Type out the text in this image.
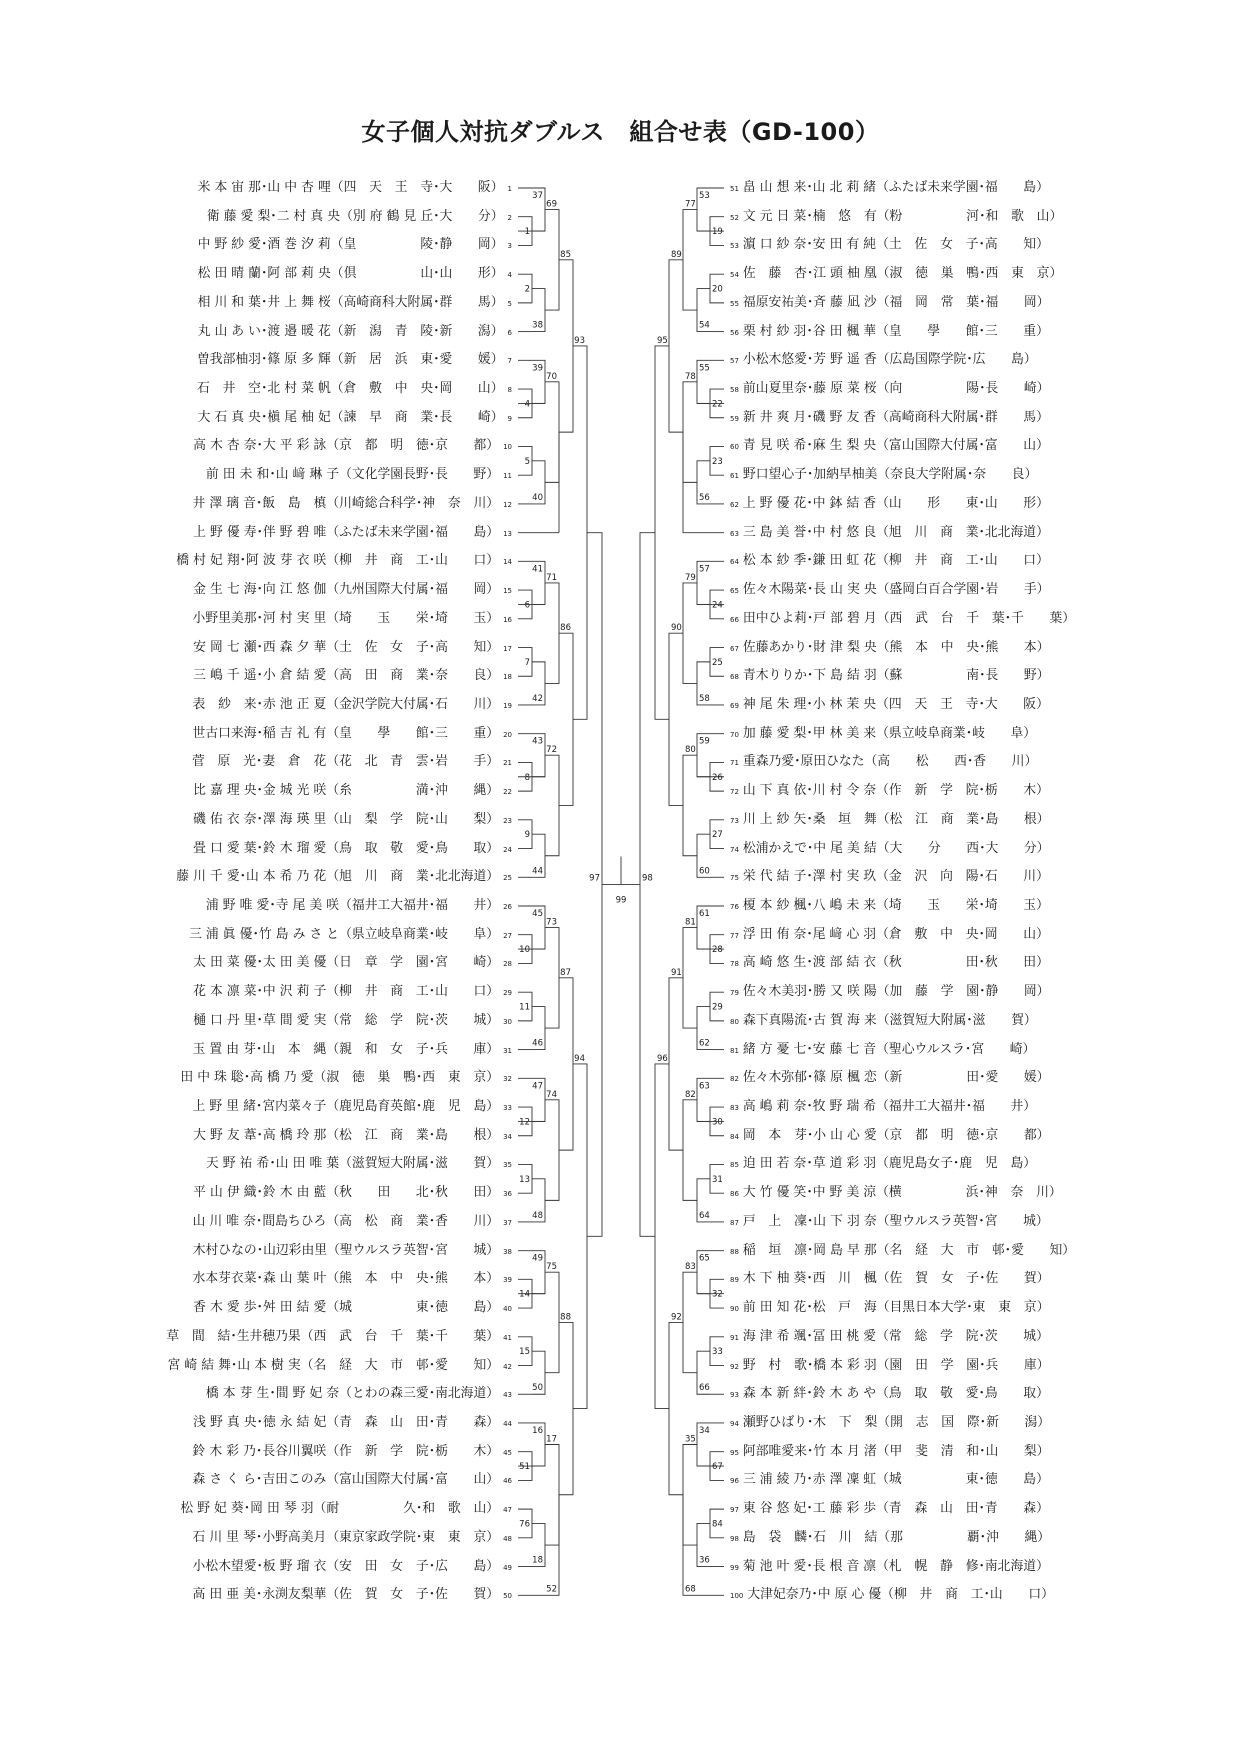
女子個人対抗ダブルス　組合せ表（GD-100）
米 本 宙 那･山 中 杏 哩（四　天　王　寺･大　　阪） 1
衛 藤 愛 梨･二 村 真 央（別 府 鶴 見 丘･大　　分） 2
中 野 紗 愛･酒 巻 汐 莉（皇　　　　　陵･静　　岡） 3
松 田 晴 蘭･阿 部 莉 央（倶　　　　　山･山　　形） 4
相 川 和 葉･井 上 舞 桜（高崎商科大附属･群　　馬） 5
丸 山 あ い･渡 邉 暖 花（新　潟　青　陵･新　　潟） 6
曽我部柚羽･篠 原 多 輝（新　居　浜　東･愛　　媛） 7
石　井　空･北 村 菜 帆（倉　敷　中　央･岡　　山） 8
大 石 真 央･槇 尾 柚 妃（諫　早　商　業･長　　崎） 9
高 木 杏 奈･大 平 彩 詠（京　都　明　徳･京　　都） 10
前 田 未 和･山 﨑 琳 子（文化学園長野･長　　野） 11
井 澤 璃 音･飯　島　槙（川崎総合科学･神　奈　川） 12
上 野 優 寿･伴 野 碧 唯（ふたば未来学園･福　　島） 13
橋 村 妃 翔･阿 波 芽 衣 咲（柳　井　商　工･山　　口） 14
金 生 七 海･向 江 悠 伽（九州国際大付属･福　　岡） 15
小野里美那･河 村 実 里（埼　　玉　　栄･埼　　玉） 16
安 岡 七 瀬･西 森 夕 華（土　佐　女　子･高　　知） 17
三 嶋 千 遥･小 倉 結 愛（高　田　商　業･奈　　良） 18
表　紗　来･赤 池 正 夏（金沢学院大付属･石　　川） 19
世古口来海･稲 吉 礼 有（皇　　學　　館･三　　重） 20
菅　原　光･妻　倉　花（花　北　青　雲･岩　　手） 21
比 嘉 理 央･金 城 光 咲（糸　　　　　満･沖　　縄） 22
磯 佑 衣 奈･澤 海 瑛 里（山　梨　学　院･山　　梨） 23
畳 口 愛 葉･鈴 木 瑠 愛（鳥　取　敬　愛･鳥　　取） 24
藤 川 千 愛･山 本 希 乃 花（旭　川　商　業･北北海道） 25
浦 野 唯 愛･寺 尾 美 咲（福井工大福井･福　　井） 26
三 浦 眞 優･竹 島 み さ と（県立岐阜商業･岐　　阜） 27
太 田 菜 優･太 田 美 優（日　章　学　園･宮　　崎） 28
花 本 凛 菜･中 沢 莉 子（柳　井　商　工･山　　口） 29
樋 口 丹 里･草 間 愛 実（常　総　学　院･茨　　城） 30
玉 置 由 芽･山　本　縄（親　和　女　子･兵　　庫） 31
田 中 珠 聡･高 橋 乃 愛（淑　徳　巣　鴨･西　東　京） 32
上 野 里 緒･宮内菜々子（鹿児島育英館･鹿　児　島） 33
大 野 友 葦･高 橋 玲 那（松　江　商　業･島　　根） 34
天 野 祐 希･山 田 唯 葉（滋賀短大附属･滋　　賀） 35
平 山 伊 織･鈴 木 由 藍（秋　　田　　北･秋　　田） 36
山 川 唯 奈･間島ちひろ（高　松　商　業･香　　川） 37
木村ひなの･山辺彩由里（聖ウルスラ英智･宮　　城） 38
水本芽衣菜･森 山 葉 叶（熊　本　中　央･熊　　本） 39
香 木 愛 歩･舛 田 結 愛（城　　　　　東･徳　　島） 40
草　間　結･生井穂乃果（西　武　台　千　葉･千　　葉） 41
宮 崎 結 舞･山 本 樹 実（名　経　大　市　邨･愛　　知） 42
橋 本 芽 生･間 野 妃 奈（とわの森三愛･南北海道） 43
浅 野 真 央･徳 永 結 妃（青　森　山　田･青　　森） 44
鈴 木 彩 乃･長谷川翼咲（作　新　学　院･栃　　木） 45
森 さ く ら･吉田このみ（富山国際大付属･富　　山） 46
松 野 妃 葵･岡 田 琴 羽（耐　　　　　久･和　歌　山） 47
石 川 里 琴･小野高美月（東京家政学院･東　東　京） 48
小松木望愛･板 野 瑠 衣（安　田　女　子･広　　島） 49
高 田 亜 美･永渕友梨華（佐　賀　女　子･佐　　賀） 50
51 畠 山 想 来･山 北 莉 緒（ふたば未来学園･福　　島）
52 文 元 日 菜･楠　悠　有（粉　　　　　河･和　歌　山）
53 濵 口 紗 奈･安 田 有 純（土　佐　女　子･高　　知）
54 佐　藤　杏･江 頭 柚 凰（淑　徳　巣　鴨･西　東　京）
55 福原安祐美･斉 藤 凪 沙（福　岡　常　葉･福　　岡）
56 栗 村 紗 羽･谷 田 楓 華（皇　　學　　館･三　　重）
57 小松木悠愛･芳 野 遥 香（広島国際学院･広　　島）
58 前山夏里奈･藤 原 菜 桜（向　　　　　陽･長　　崎）
59 新 井 爽 月･磯 野 友 香（高崎商科大附属･群　　馬）
60 青 見 咲 希･麻 生 梨 央（富山国際大付属･富　　山）
61 野口望心子･加納早柚美（奈良大学附属･奈　　良）
62 上 野 優 花･中 鉢 結 香（山　　形　　東･山　　形）
63 三 島 美 誉･中 村 悠 良（旭　川　商　業･北北海道）
64 松 本 紗 季･鎌 田 虹 花（柳　井　商　工･山　　口）
65 佐々木陽菜･長 山 実 央（盛岡白百合学園･岩　　手）
66 田中ひよ莉･戸 部 碧 月（西　武　台　千　葉･千　　葉）
67 佐藤あかり･財 津 梨 央（熊　本　中　央･熊　　本）
68 青木りりか･下 島 結 羽（蘇　　　　　南･長　　野）
69 神 尾 朱 理･小 林 茉 央（四　天　王　寺･大　　阪）
70 加 藤 愛 梨･甲 林 美 来（県立岐阜商業･岐　　阜）
71 重森乃愛･原田ひなた（高　　松　　西･香　　川）
72 山 下 真 依･川 村 令 奈（作　新　学　院･栃　　木）
73 川 上 紗 矢･桑　垣　舞（松　江　商　業･島　　根）
74 松浦かえで･中 尾 美 結（大　　分　　西･大　　分）
75 栄 代 結 子･澤 村 実 玖（金　沢　向　陽･石　　川）
76 榎 本 紗 楓･八 嶋 未 来（埼　　玉　　栄･埼　　玉）
77 浮 田 侑 奈･尾 﨑 心 羽（倉　敷　中　央･岡　　山）
78 高 崎 悠 生･渡 部 結 衣（秋　　　　　田･秋　　田）
79 佐々木美羽･勝 又 咲 陽（加　藤　学　園･静　　岡）
80 森下真陽流･古 賀 海 来（滋賀短大附属･滋　　賀）
81 緒 方 憂 七･安 藤 七 音（聖心ウルスラ･宮　　崎）
82 佐々木弥郁･篠 原 楓 恋（新　　　　　田･愛　　媛）
83 高 嶋 莉 奈･牧 野 瑞 希（福井工大福井･福　　井）
84 岡　本　芽･小 山 心 愛（京　都　明　徳･京　　都）
85 迫 田 若 奈･草 道 彩 羽（鹿児島女子･鹿　児　島）
86 大 竹 優 笑･中 野 美 涼（横　　　　　浜･神　奈　川）
87 戸　上　凜･山 下 羽 奈（聖ウルスラ英智･宮　　城）
88 稲　垣　凛･岡 島 早 那（名　経　大　市　邨･愛　　知）
89 木 下 柚 葵･西　川　楓（佐　賀　女　子･佐　　賀）
90 前 田 知 花･松　戸　海（目黒日本大学･東　東　京）
91 海 津 希 颯･冨 田 桃 愛（常　総　学　院･茨　　城）
92 野　村　歌･橋 本 彩 羽（園　田　学　園･兵　　庫）
93 森 本 新 絆･鈴 木 あ や（鳥　取　敬　愛･鳥　　取）
94 瀬野ひばり･木　下　梨（開　志　国　際･新　　潟）
95 阿部唯愛来･竹 本 月 渚（甲　斐　清　和･山　　梨）
96 三 浦 綾 乃･赤 澤 凜 虹（城　　　　　東･徳　　島）
97 東 谷 悠 妃･工 藤 彩 歩（青　森　山　田･青　　森）
98 島　袋　麟･石　川　結（那　　　　　覇･沖　　縄）
99 菊 池 叶 愛･長 根 音 凛（札　幌　静　修･南北海道）
100 大津妃奈乃･中 原 心 優（柳　井　商　工･山　　口）
1
37
2
38
69
4
39
5
40
70
85
6
41
7
42
71
8
43
9
44
72
86
93
10
45
11
46
73
12
47
13
48
74
87
14
49
15
50
75
51
16
76
18
17
52
88
94
97
19
53
20
54
77
22
55
23
56
78
89
24
57
25
58
79
26
59
27
60
80
90
95
28
61
29
62
81
30
63
31
64
82
91
32
65
33
66
83
67
34
84
36
35
68
92
96
98
99
